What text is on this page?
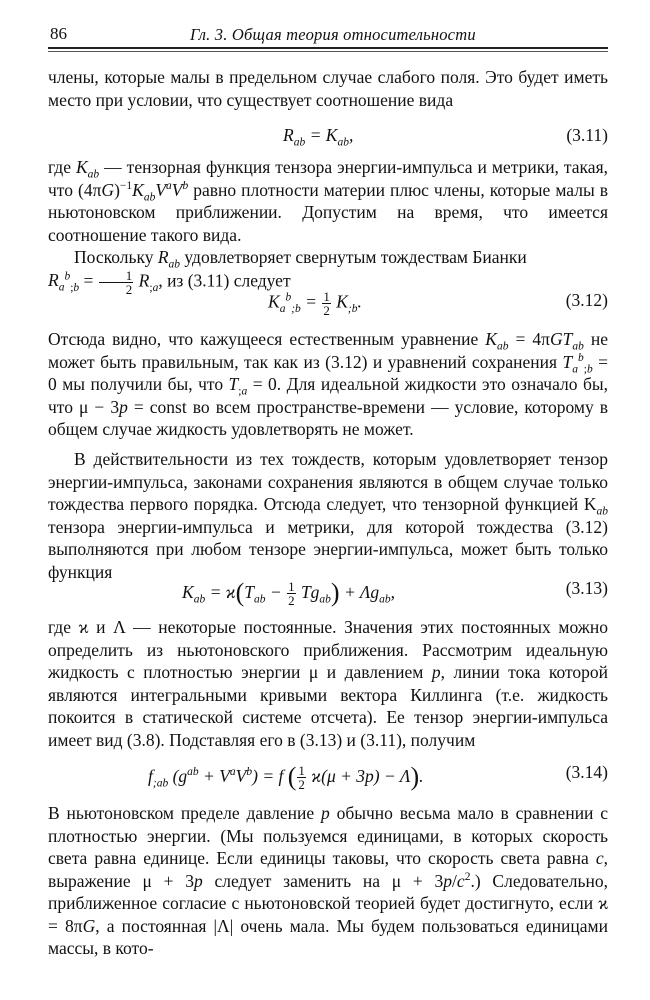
86	Гл. 3. Общая теория относительности

члены, которые малы в предельном случае слабого поля. Это будет иметь место при условии, что существует соотношение вида

$R_{ab} = K_{ab}$,	(3.11)

где $K_{ab}$ — тензорная функция тензора энергии-импульса и метрики, такая, что $(4\pi G)^{-1}K_{ab}V^aV^b$ равно плотности материи плюс члены, которые малы в ньютоновском приближении. Допустим на время, что имеется соотношение такого вида.

Поскольку $R_{ab}$ удовлетворяет свернутым тождествам Бианки
$R_a^b_{;b} = \frac{1}{2} R_{;a}$, из (3.11) следует

$K_a^b_{;b} = \frac{1}{2} K_{;b}$.	(3.12)

Отсюда видно, что кажущееся естественным уравнение $K_{ab} = 4\pi GT_{ab}$ не может быть правильным, так как из (3.12) и уравнений сохранения $T_a^b_{;b} = 0$ мы получили бы, что $T_{;a} = 0$. Для идеальной жидкости это означало бы, что μ − 3p = const во всем пространстве-времени — условие, которому в общем случае жидкость удовлетворять не может.

В действительности из тех тождеств, которым удовлетворяет тензор энергии-импульса, законами сохранения являются в общем случае только тождества первого порядка. Отсюда следует, что тензорной функцией $K_{ab}$ тензора энергии-импульса и метрики, для которой тождества (3.12) выполняются при любом тензоре энергии-импульса, может быть только функция

$K_{ab} = ϰ(T_{ab} - \frac{1}{2} Tg_{ab}) + \Lambda g_{ab}$,	(3.13)

где ϰ и Λ — некоторые постоянные. Значения этих постоянных можно определить из ньютоновского приближения. Рассмотрим идеальную жидкость с плотностью энергии μ и давлением p, линии тока которой являются интегральными кривыми вектора Киллинга (т.е. жидкость покоится в статической системе отсчета). Ее тензор энергии-импульса имеет вид (3.8). Подставляя его в (3.13) и (3.11), получим

$f_{;ab}$ $(g^{ab} + V^aV^b) = f$ ( $\frac{1}{2} ϰ(\mu + 3p) - \Lambda$).	(3.14)

В ньютоновском пределе давление p обычно весьма мало в сравнении с плотностью энергии. (Мы пользуемся единицами, в которых скорость света равна единице. Если единицы таковы, что скорость света равна c, выражение μ + 3p следует заменить на $\mu + 3p/c^2$.) Следовательно, приближенное согласие с ньютоновской теорией будет достигнуто, если ϰ = 8πG, а постоянная |Λ| очень мала. Мы будем пользоваться единицами массы, в кото-
